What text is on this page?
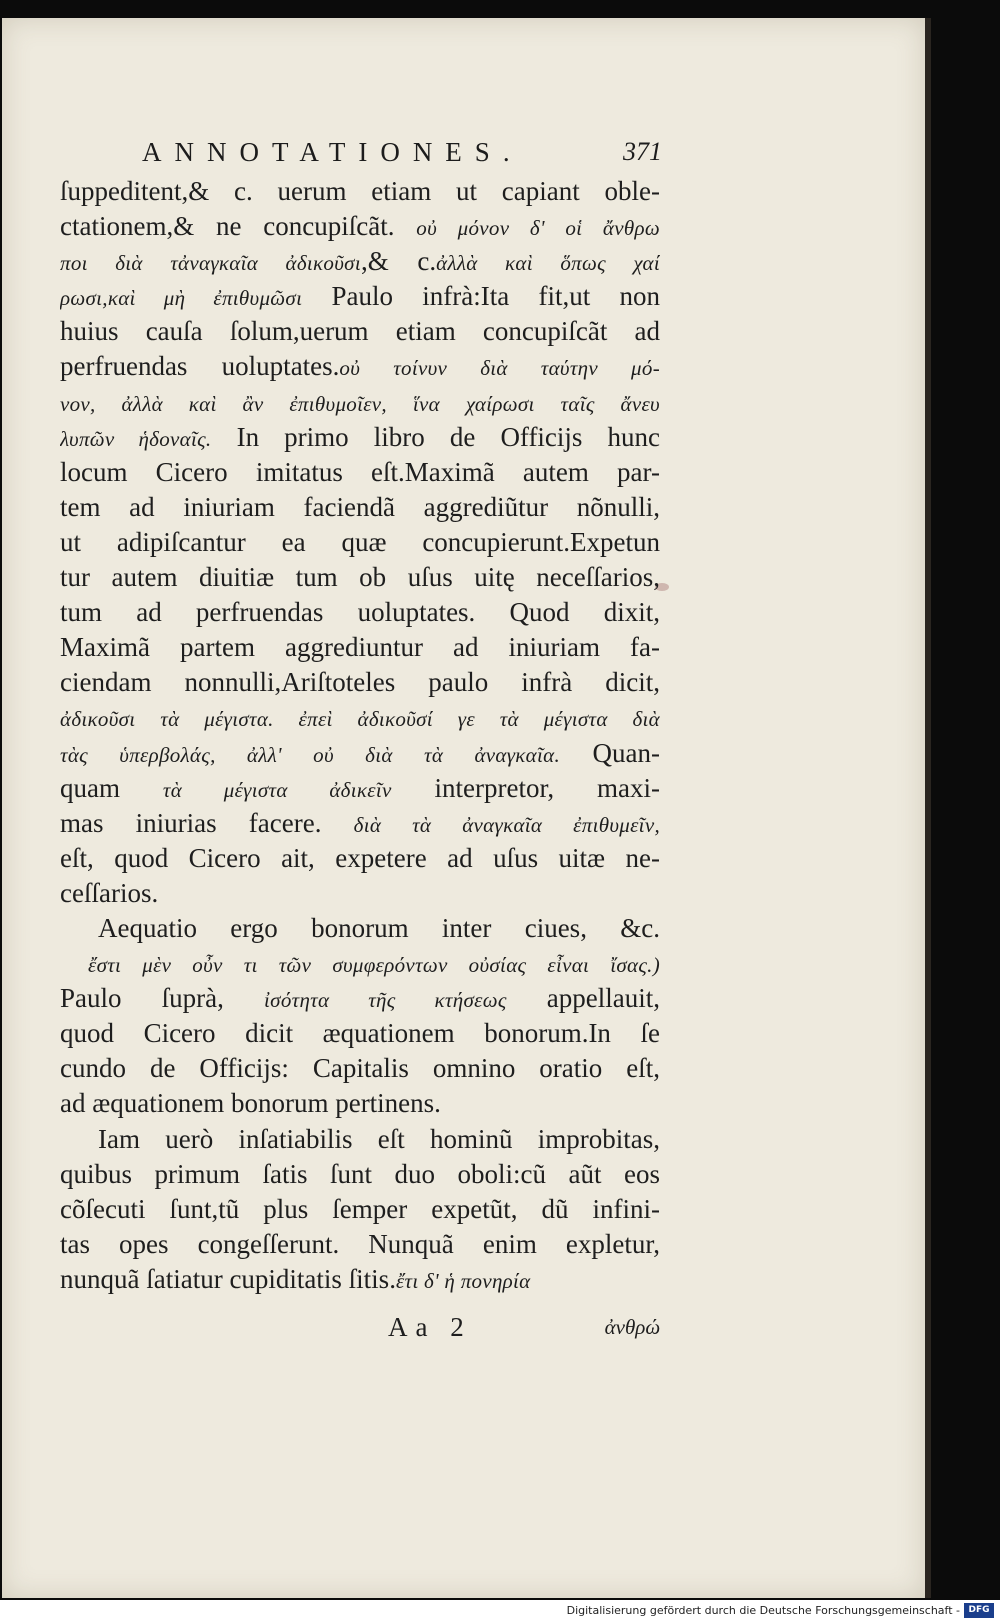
ANNOTATIONES.	371
ſuppeditent,& c. uerum etiam ut capiant oble-
ctationem,& ne concupiſcãt. οὐ μόνον δ' οἱ ἄνθρω
ποι διὰ τἀναγκαῖα ἀδικοῦσι,& c.ἀλλὰ καὶ ὅπως χαί
ρωσι,καὶ μὴ ἐπιθυμῶσι Paulo infrà:Ita fit,ut non
huius cauſa ſolum,uerum etiam concupiſcãt ad
perfruendas uoluptates.οὐ τοίνυν διὰ ταύτην μό-
νον, ἀλλὰ καὶ ἂν ἐπιθυμοῖεν, ἵνα χαίρωσι ταῖς ἄνευ
λυπῶν ἡδοναῖς. In primo libro de Officijs hunc
locum Cicero imitatus eſt.Maximã autem par-
tem ad iniuriam faciendã aggrediũtur nõnulli,
ut adipiſcantur ea quæ concupierunt.Expetun
tur autem diuitiæ tum ob uſus uitę neceſſarios,
tum ad perfruendas uoluptates. Quod dixit,
Maximã partem aggrediuntur ad iniuriam fa-
ciendam nonnulli,Ariſtoteles paulo infrà dicit,
ἀδικοῦσι τὰ μέγιστα. ἐπεὶ ἀδικοῦσί γε τὰ μέγιστα διὰ
τὰς ὑπερβολάς, ἀλλ' οὐ διὰ τὰ ἀναγκαῖα. Quan-
quam τὰ μέγιστα ἀδικεῖν interpretor, maxi-
mas iniurias facere. διὰ τὰ ἀναγκαῖα ἐπιθυμεῖν,
eſt, quod Cicero ait, expetere ad uſus uitæ ne-
ceſſarios.
Aequatio ergo bonorum inter ciues, &c.
ἔστι μὲν οὖν τι τῶν συμφερόντων οὐσίας εἶναι ἴσας.)
Paulo ſuprà, ἰσότητα τῆς κτήσεως appellauit,
quod Cicero dicit æquationem bonorum.In ſe
cundo de Officijs: Capitalis omnino oratio eſt,
ad æquationem bonorum pertinens.
Iam uerò inſatiabilis eſt hominũ improbitas,
quibus primum ſatis ſunt duo oboli:cũ aũt eos
cõſecuti ſunt,tũ plus ſemper expetũt, dũ infini-
tas opes congeſſerunt. Nunquã enim expletur,
nunquã ſatiatur cupiditatis ſitis.ἔτι δ' ἡ πονηρία
Aa 2	ἀνθρώ
Digitalisierung gefördert durch die Deutsche Forschungsgemeinschaft - DFG
